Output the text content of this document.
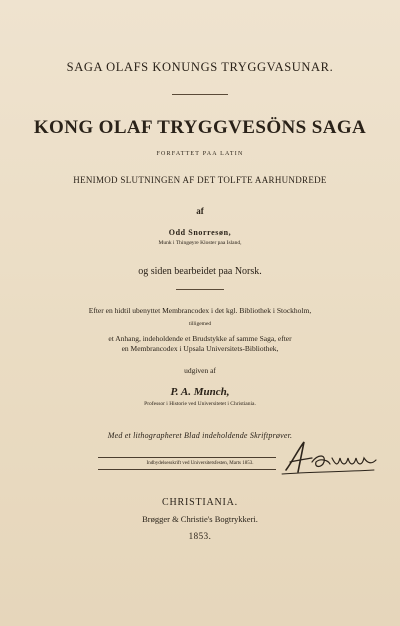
SAGA OLAFS KONUNGS TRYGGVASUNAR.
KONG OLAF TRYGGVESÖNS SAGA
FORFATTET PAA LATIN
HENIMOD SLUTNINGEN AF DET TOLFTE AARHUNDREDE
af
Odd Snorresøn,
Munk i Thingøyre Kloster paa Island,
og siden bearbeidet paa Norsk.
Efter en hidtil ubenyttet Membrancodex i det kgl. Bibliothek i Stockholm,
tilligemed
et Anhang, indeholdende et Brudstykke af samme Saga, efter
en Membrancodex i Upsala Universitets-Bibliothek,
udgiven af
P. A. Munch,
Professor i Historie ved Universitetet i Christiania.
Med et lithographeret Blad indeholdende Skriftprøver.
Indbydelsesskrift ved Universitetsfesten, Marts 1853.
CHRISTIANIA.
Brøgger & Christie's Bogtrykkeri.
1853.
